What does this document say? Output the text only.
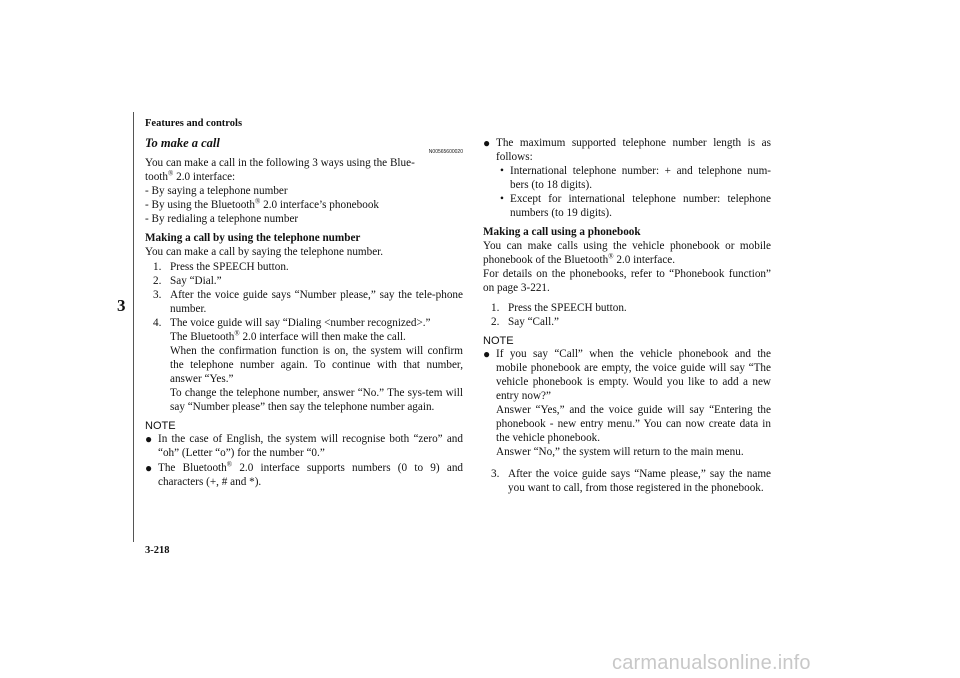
Features and controls
3
To make a call
N00565600020

You can make a call in the following 3 ways using the Blue-
tooth® 2.0 interface:

- By saying a telephone number
- By using the Bluetooth® 2.0 interface’s phonebook
- By redialing a telephone number
Making a call by using the telephone number
You can make a call by saying the telephone number.
1. Press the SPEECH button.
2. Say “Dial.”
3. After the voice guide says “Number please,” say the tele-phone number.
4. The voice guide will say “Dialing <number recognized>.”
The Bluetooth® 2.0 interface will then make the call.
When the confirmation function is on, the system will confirm the telephone number again. To continue with that number, answer “Yes.”
To change the telephone number, answer “No.” The sys-tem will say “Number please” then say the telephone number again.
NOTE
● In the case of English, the system will recognise both “zero” and “oh” (Letter “o”) for the number “0.”
● The Bluetooth® 2.0 interface supports numbers (0 to 9) and characters (+, # and *).
● The maximum supported telephone number length is as follows:
• International telephone number: + and telephone num-bers (to 18 digits).
• Except for international telephone number: telephone numbers (to 19 digits).
Making a call using a phonebook

You can make calls using the vehicle phonebook or mobile phonebook of the Bluetooth® 2.0 interface.

For details on the phonebooks, refer to “Phonebook function” on page 3-221.

1. Press the SPEECH button.
2. Say “Call.”
NOTE
● If you say “Call” when the vehicle phonebook and the mobile phonebook are empty, the voice guide will say “The vehicle phonebook is empty. Would you like to add a new entry now?”
Answer “Yes,” and the voice guide will say “Entering the phonebook - new entry menu.” You can now create data in the vehicle phonebook.
Answer “No,” the system will return to the main menu.
3. After the voice guide says “Name please,” say the name you want to call, from those registered in the phonebook.
3-218
carmanualsonline.info
